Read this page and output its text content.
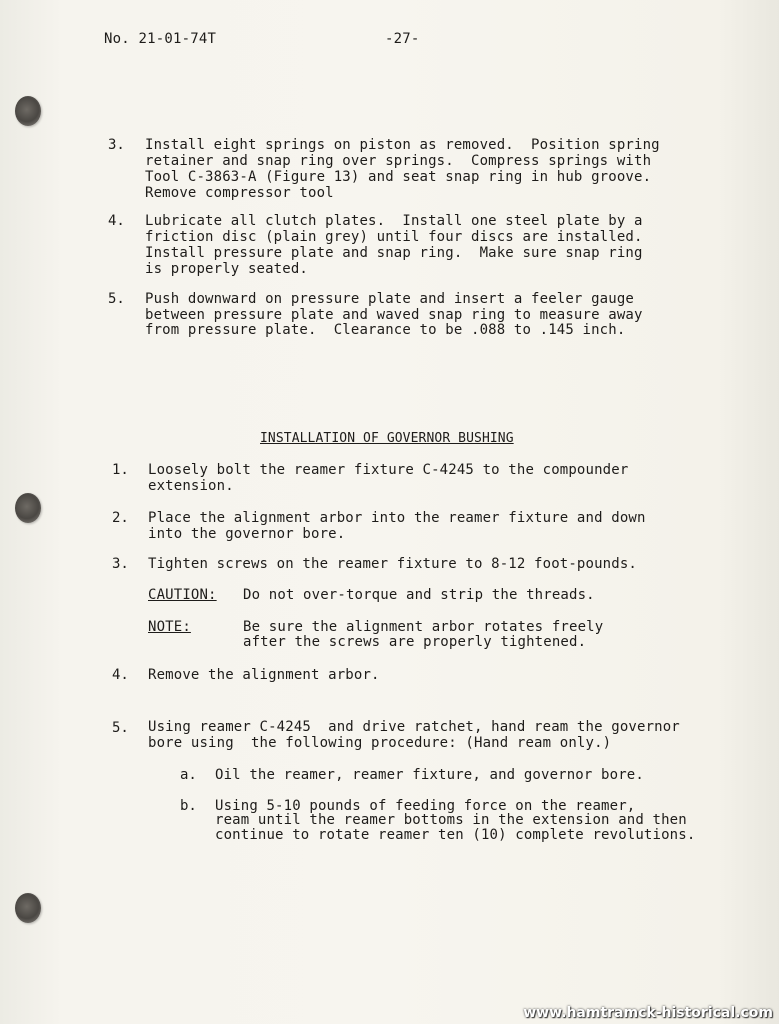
No. 21-01-74T	-27-
3. Install eight springs on piston as removed.  Position spring
retainer and snap ring over springs.  Compress springs with
Tool C-3863-A (Figure 13) and seat snap ring in hub groove.
Remove compressor tool
4. Lubricate all clutch plates.  Install one steel plate by a
friction disc (plain grey) until four discs are installed.
Install pressure plate and snap ring.  Make sure snap ring
is properly seated.
5. Push downward on pressure plate and insert a feeler gauge
between pressure plate and waved snap ring to measure away
from pressure plate.  Clearance to be .088 to .145 inch.
INSTALLATION OF GOVERNOR BUSHING
1. Loosely bolt the reamer fixture C-4245 to the compounder
extension.
2. Place the alignment arbor into the reamer fixture and down
into the governor bore.
3. Tighten screws on the reamer fixture to 8-12 foot-pounds.
CAUTION: Do not over-torque and strip the threads.
NOTE:	Be sure the alignment arbor rotates freely
after the screws are properly tightened.
4. Remove the alignment arbor.
5. Using reamer C-4245  and drive ratchet, hand ream the governor
bore using  the following procedure: (Hand ream only.)
a. Oil the reamer, reamer fixture, and governor bore.
b. Using 5-10 pounds of feeding force on the reamer,
ream until the reamer bottoms in the extension and then
continue to rotate reamer ten (10) complete revolutions.
www.hamtramck-historical.com
